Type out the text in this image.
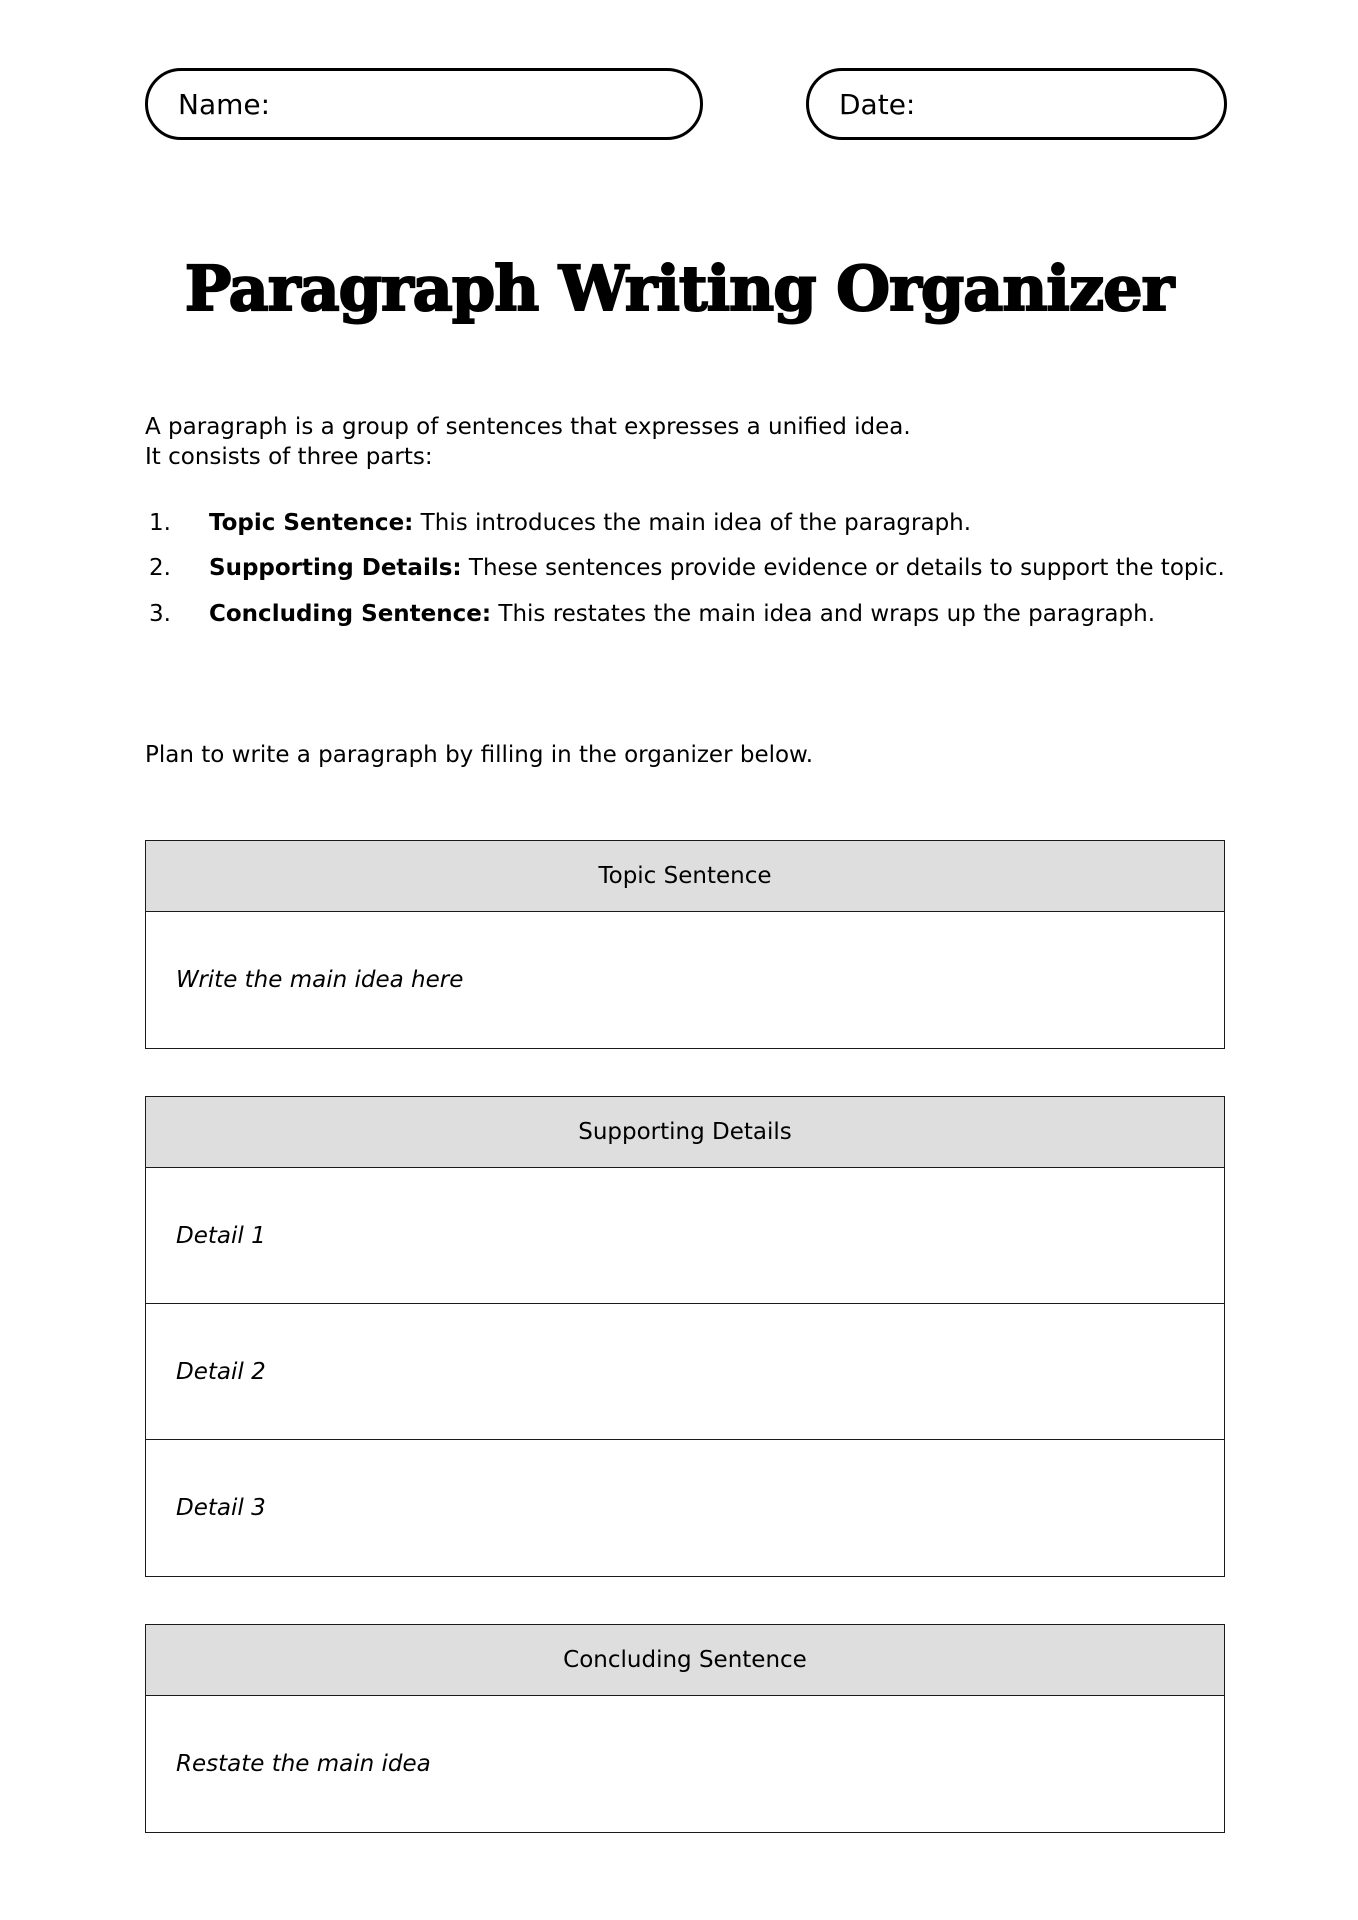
Name:	Date:
Paragraph Writing Organizer

A paragraph is a group of sentences that expresses a unified idea.

It consists of three parts:

1.	Topic Sentence: This introduces the main idea of the paragraph.
2.	Supporting Details: These sentences provide evidence or details to support the topic.
3.	Concluding Sentence: This restates the main idea and wraps up the paragraph.
Plan to write a paragraph by filling in the organizer below.
Topic Sentence
Write the main idea here
Supporting Details
Detail 1
Detail 2
Detail 3
Concluding Sentence
Restate the main idea
